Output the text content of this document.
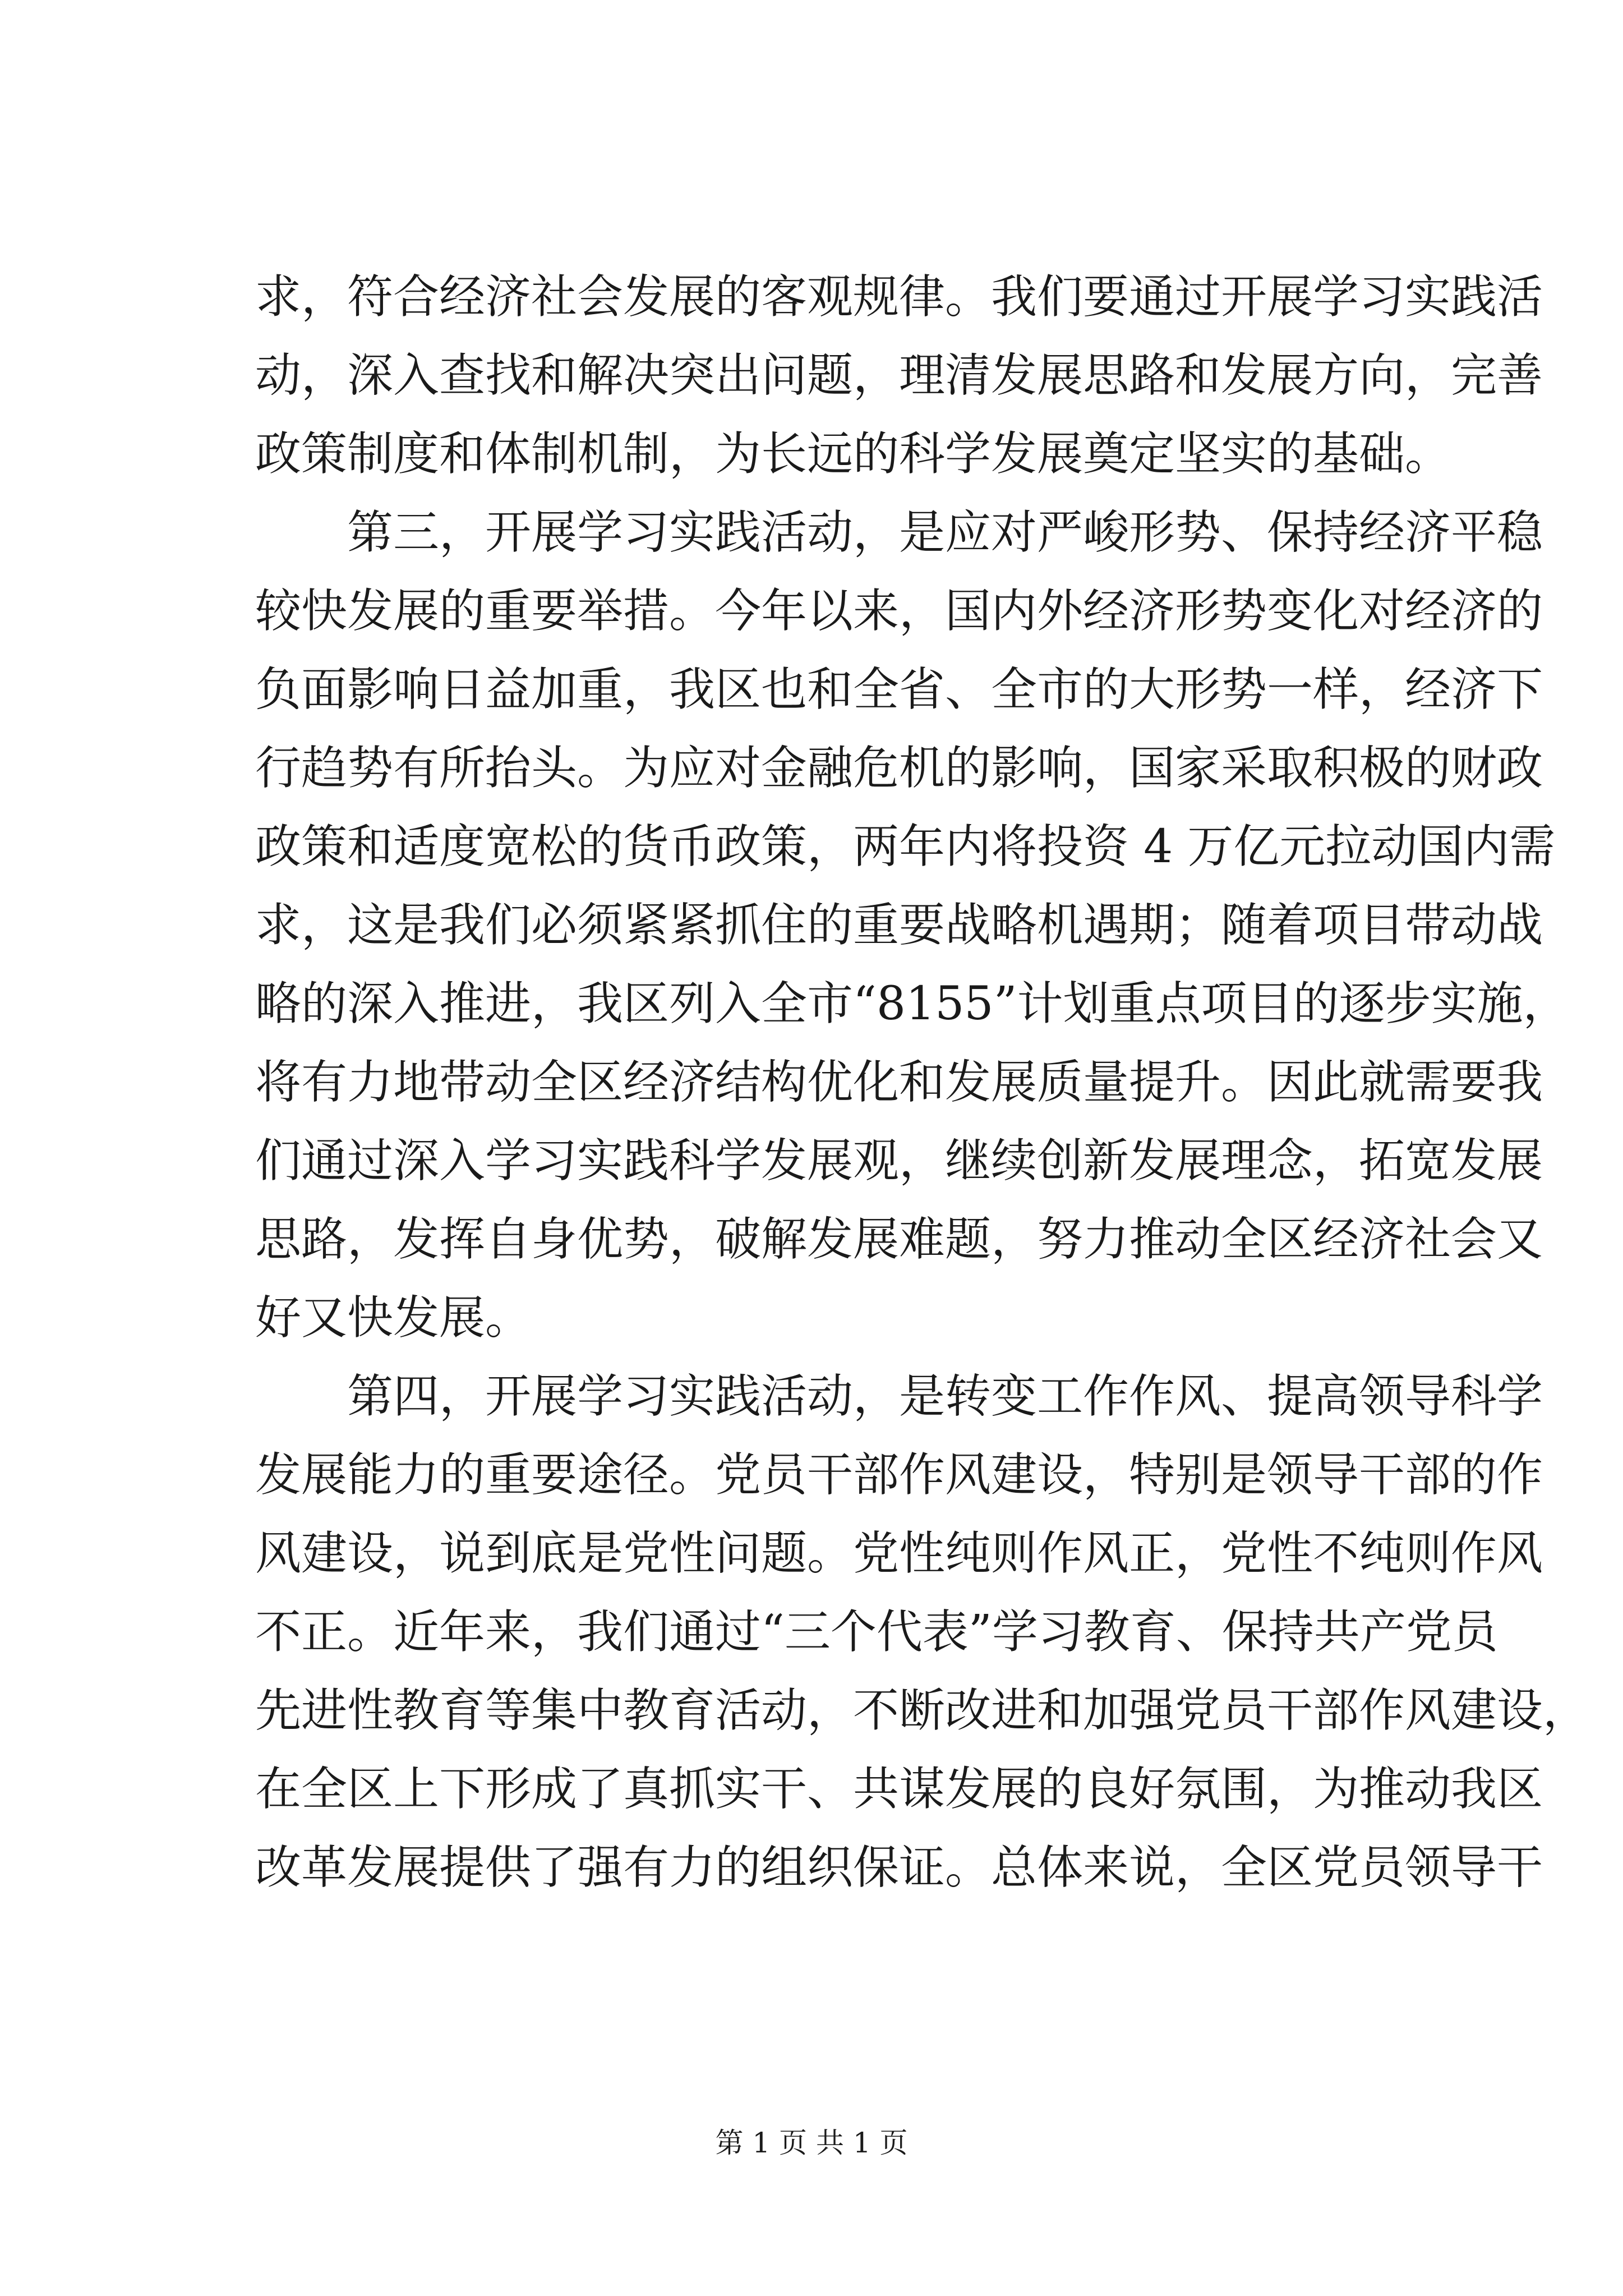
求，符合经济社会发展的客观规律。我们要通过开展学习实践活
动，深入查找和解决突出问题，理清发展思路和发展方向，完善
政策制度和体制机制，为长远的科学发展奠定坚实的基础。
第三，开展学习实践活动，是应对严峻形势、保持经济平稳
较快发展的重要举措。今年以来，国内外经济形势变化对经济的
负面影响日益加重，我区也和全省、全市的大形势一样，经济下
行趋势有所抬头。为应对金融危机的影响，国家采取积极的财政
政策和适度宽松的货币政策，两年内将投资 4 万亿元拉动国内需
求，这是我们必须紧紧抓住的重要战略机遇期；随着项目带动战
略的深入推进，我区列入全市“8155”计划重点项目的逐步实施，
将有力地带动全区经济结构优化和发展质量提升。因此就需要我
们通过深入学习实践科学发展观，继续创新发展理念，拓宽发展
思路，发挥自身优势，破解发展难题，努力推动全区经济社会又
好又快发展。
第四，开展学习实践活动，是转变工作作风、提高领导科学
发展能力的重要途径。党员干部作风建设，特别是领导干部的作
风建设，说到底是党性问题。党性纯则作风正，党性不纯则作风
不正。近年来，我们通过“三个代表”学习教育、保持共产党员
先进性教育等集中教育活动，不断改进和加强党员干部作风建设，
在全区上下形成了真抓实干、共谋发展的良好氛围，为推动我区
改革发展提供了强有力的组织保证。总体来说，全区党员领导干
第 1 页 共 1 页
